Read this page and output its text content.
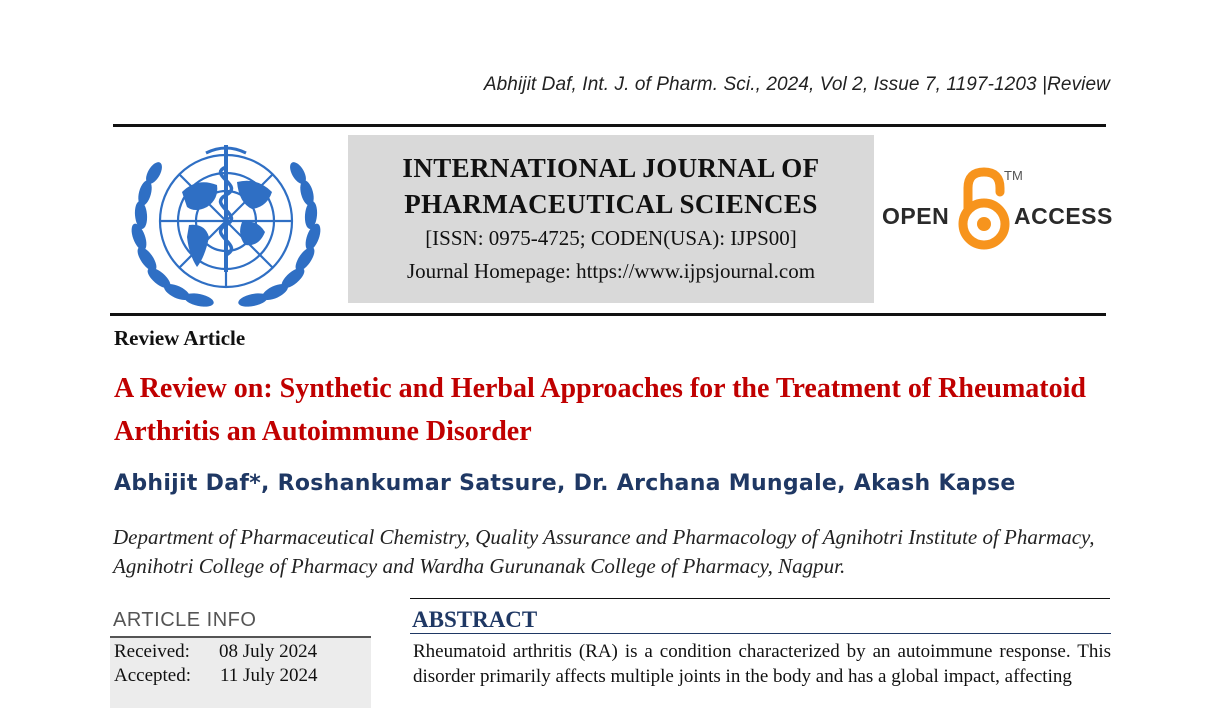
Abhijit Daf, Int. J. of Pharm. Sci., 2024, Vol 2, Issue 7, 1197-1203 |Review
INTERNATIONAL JOURNAL OF
PHARMACEUTICAL SCIENCES
[ISSN: 0975-4725; CODEN(USA): IJPS00]
Journal Homepage: https://www.ijpsjournal.com
OPEN
TM
ACCESS
Review Article
A Review on: Synthetic and Herbal Approaches for the Treatment of Rheumatoid Arthritis an Autoimmune Disorder
Abhijit Daf*, Roshankumar Satsure, Dr. Archana Mungale, Akash Kapse
Department of Pharmaceutical Chemistry, Quality Assurance and Pharmacology of Agnihotri Institute of Pharmacy, Agnihotri College of Pharmacy and Wardha Gurunanak College of Pharmacy, Nagpur.
ARTICLE INFO
Received: 08 July 2024
Accepted: 11 July 2024
ABSTRACT
Rheumatoid arthritis (RA) is a condition characterized by an autoimmune response. This disorder primarily affects multiple joints in the body and has a global impact, affecting
